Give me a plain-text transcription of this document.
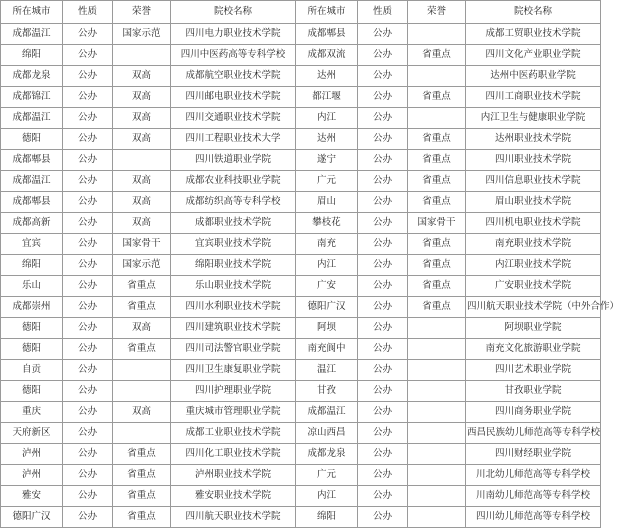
所在城市	性质	荣誉	院校名称	所在城市	性质	荣誉	院校名称
成都温江	公办	国家示范	四川电力职业技术学院	成都郫县	公办		成都工贸职业技术学院
绵阳	公办		四川中医药高等专科学校	成都双流	公办	省重点	四川文化产业职业学院
成都龙泉	公办	双高	成都航空职业技术学院	达州	公办		达州中医药职业学院
成都锦江	公办	双高	四川邮电职业技术学院	都江堰	公办	省重点	四川工商职业技术学院
成都温江	公办	双高	四川交通职业技术学院	内江	公办		内江卫生与健康职业学院
德阳	公办	双高	四川工程职业技术大学	达州	公办	省重点	达州职业技术学院
成都郫县	公办		四川铁道职业学院	遂宁	公办	省重点	四川职业技术学院
成都温江	公办	双高	成都农业科技职业学院	广元	公办	省重点	四川信息职业技术学院
成都郫县	公办	双高	成都纺织高等专科学校	眉山	公办	省重点	眉山职业技术学院
成都高新	公办	双高	成都职业技术学院	攀枝花	公办	国家骨干	四川机电职业技术学院
宜宾	公办	国家骨干	宜宾职业技术学院	南充	公办	省重点	南充职业技术学院
绵阳	公办	国家示范	绵阳职业技术学院	内江	公办	省重点	内江职业技术学院
乐山	公办	省重点	乐山职业技术学院	广安	公办	省重点	广安职业技术学院
成都崇州	公办	省重点	四川水利职业技术学院	德阳广汉	公办	省重点	四川航天职业技术学院（中外合作）
德阳	公办	双高	四川建筑职业技术学院	阿坝	公办		阿坝职业学院
德阳	公办	省重点	四川司法警官职业学院	南充阆中	公办		南充文化旅游职业学院
自贡	公办		四川卫生康复职业学院	温江	公办		四川艺术职业学院
德阳	公办		四川护理职业学院	甘孜	公办		甘孜职业学院
重庆	公办	双高	重庆城市管理职业学院	成都温江	公办		四川商务职业学院
天府新区	公办		成都工业职业技术学院	凉山西昌	公办		西昌民族幼儿师范高等专科学校
泸州	公办	省重点	四川化工职业技术学院	成都龙泉	公办		四川财经职业学院
泸州	公办	省重点	泸州职业技术学院	广元	公办		川北幼儿师范高等专科学校
雅安	公办	省重点	雅安职业技术学院	内江	公办		川南幼儿师范高等专科学校
德阳广汉	公办	省重点	四川航天职业技术学院	绵阳	公办		四川幼儿师范高等专科学校
